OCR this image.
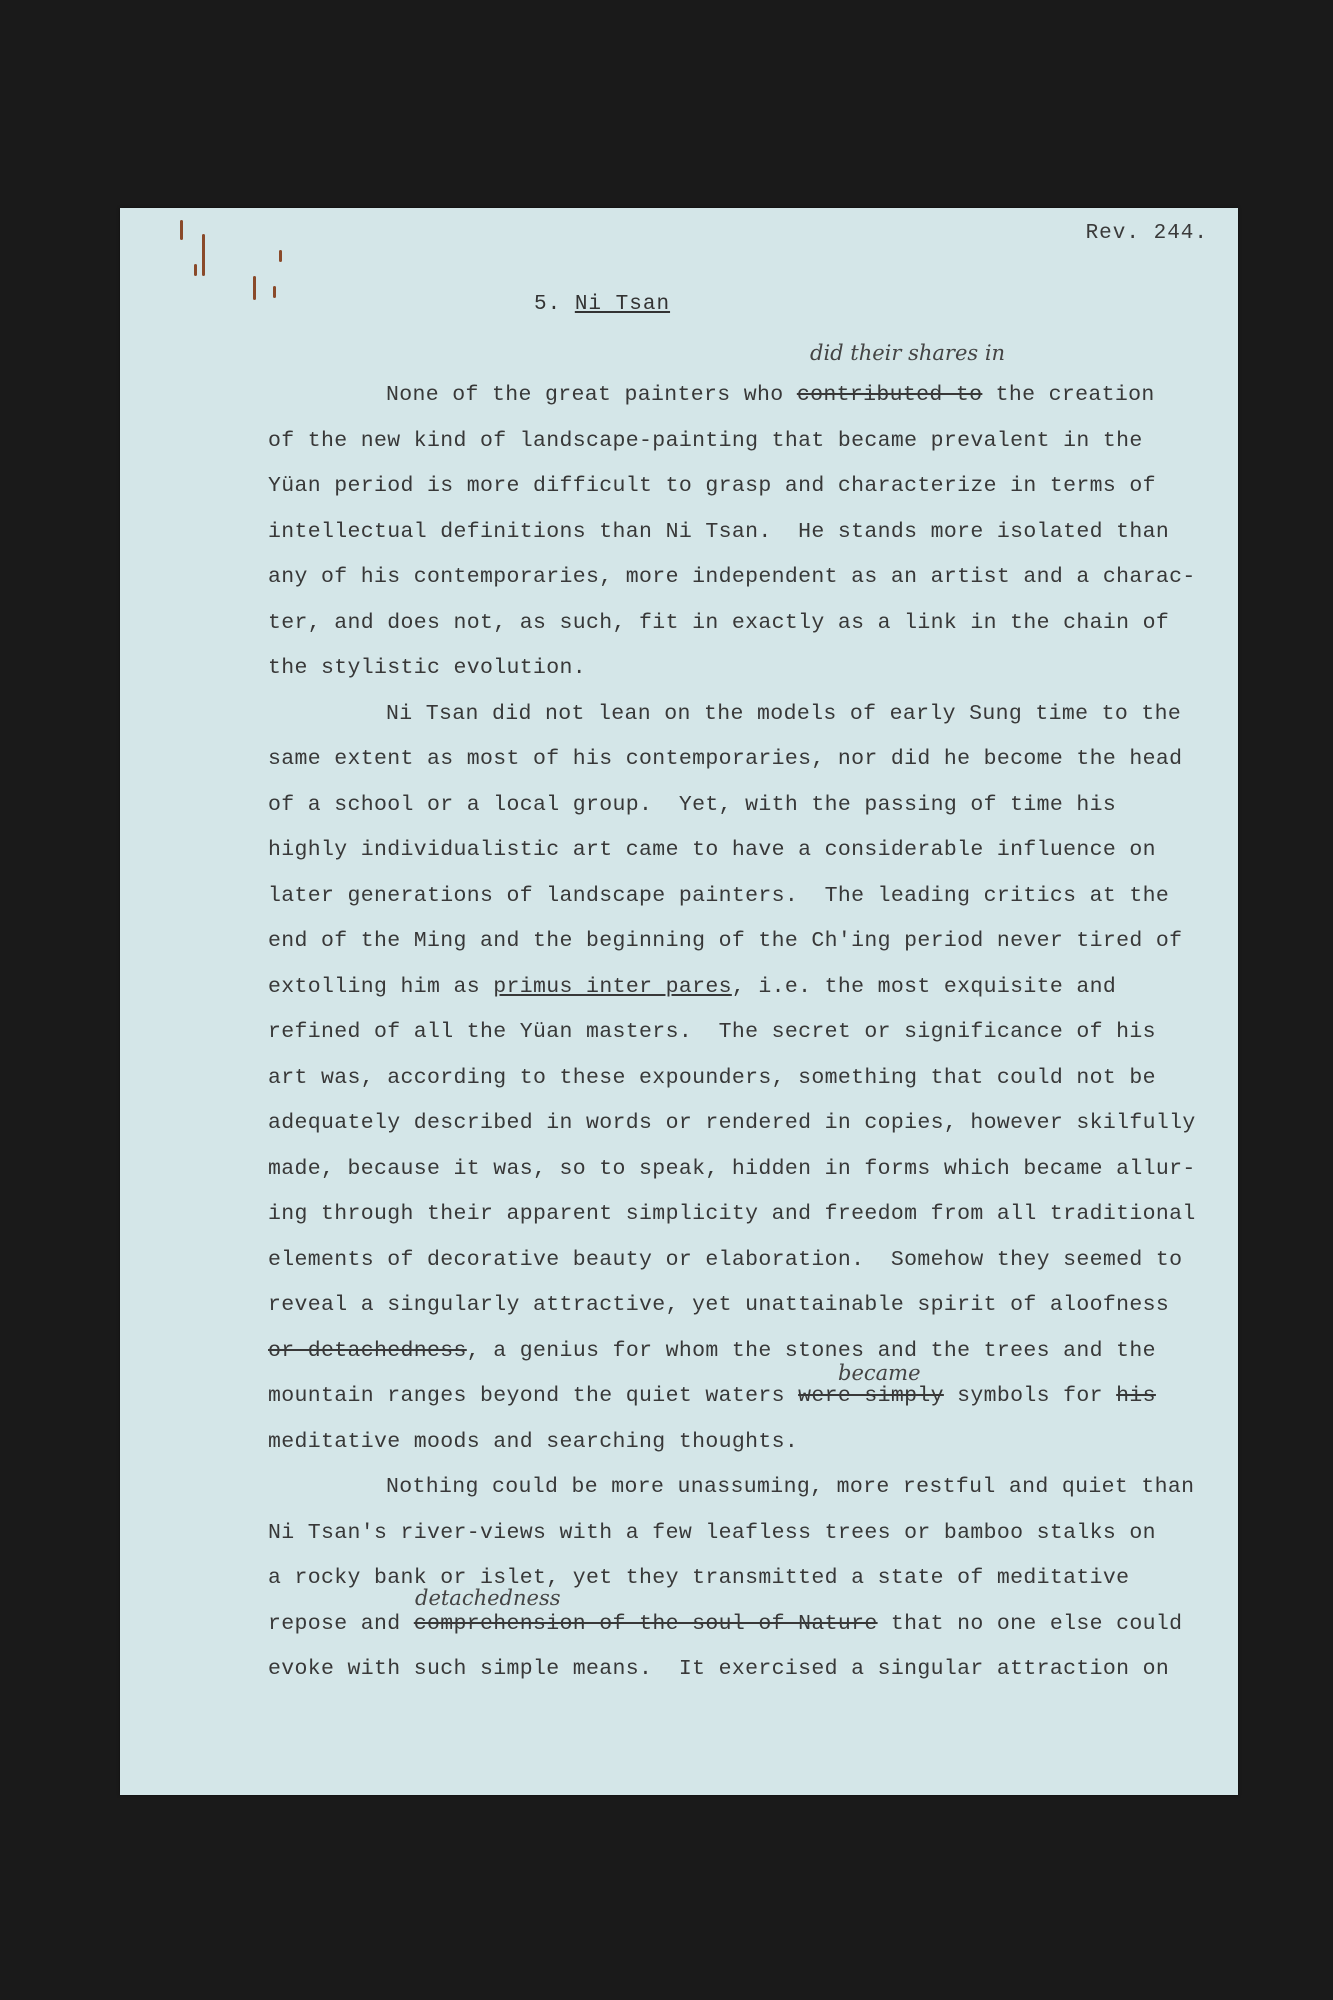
Rev. 244.
5. Ni Tsan
did their shares in
became
detachedness
None of the great painters who contributed to the creation
of the new kind of landscape-painting that became prevalent in the
Yüan period is more difficult to grasp and characterize in terms of
intellectual definitions than Ni Tsan.  He stands more isolated than
any of his contemporaries, more independent as an artist and a charac-
ter, and does not, as such, fit in exactly as a link in the chain of
the stylistic evolution.
Ni Tsan did not lean on the models of early Sung time to the
same extent as most of his contemporaries, nor did he become the head
of a school or a local group.  Yet, with the passing of time his
highly individualistic art came to have a considerable influence on
later generations of landscape painters.  The leading critics at the
end of the Ming and the beginning of the Ch'ing period never tired of
extolling him as primus inter pares, i.e. the most exquisite and
refined of all the Yüan masters.  The secret or significance of his
art was, according to these expounders, something that could not be
adequately described in words or rendered in copies, however skilfully
made, because it was, so to speak, hidden in forms which became allur-
ing through their apparent simplicity and freedom from all traditional
elements of decorative beauty or elaboration.  Somehow they seemed to
reveal a singularly attractive, yet unattainable spirit of aloofness
or detachedness, a genius for whom the stones and the trees and the
mountain ranges beyond the quiet waters were simply symbols for his
meditative moods and searching thoughts.
Nothing could be more unassuming, more restful and quiet than
Ni Tsan's river-views with a few leafless trees or bamboo stalks on
a rocky bank or islet, yet they transmitted a state of meditative
repose and comprehension of the soul of Nature that no one else could
evoke with such simple means.  It exercised a singular attraction on
